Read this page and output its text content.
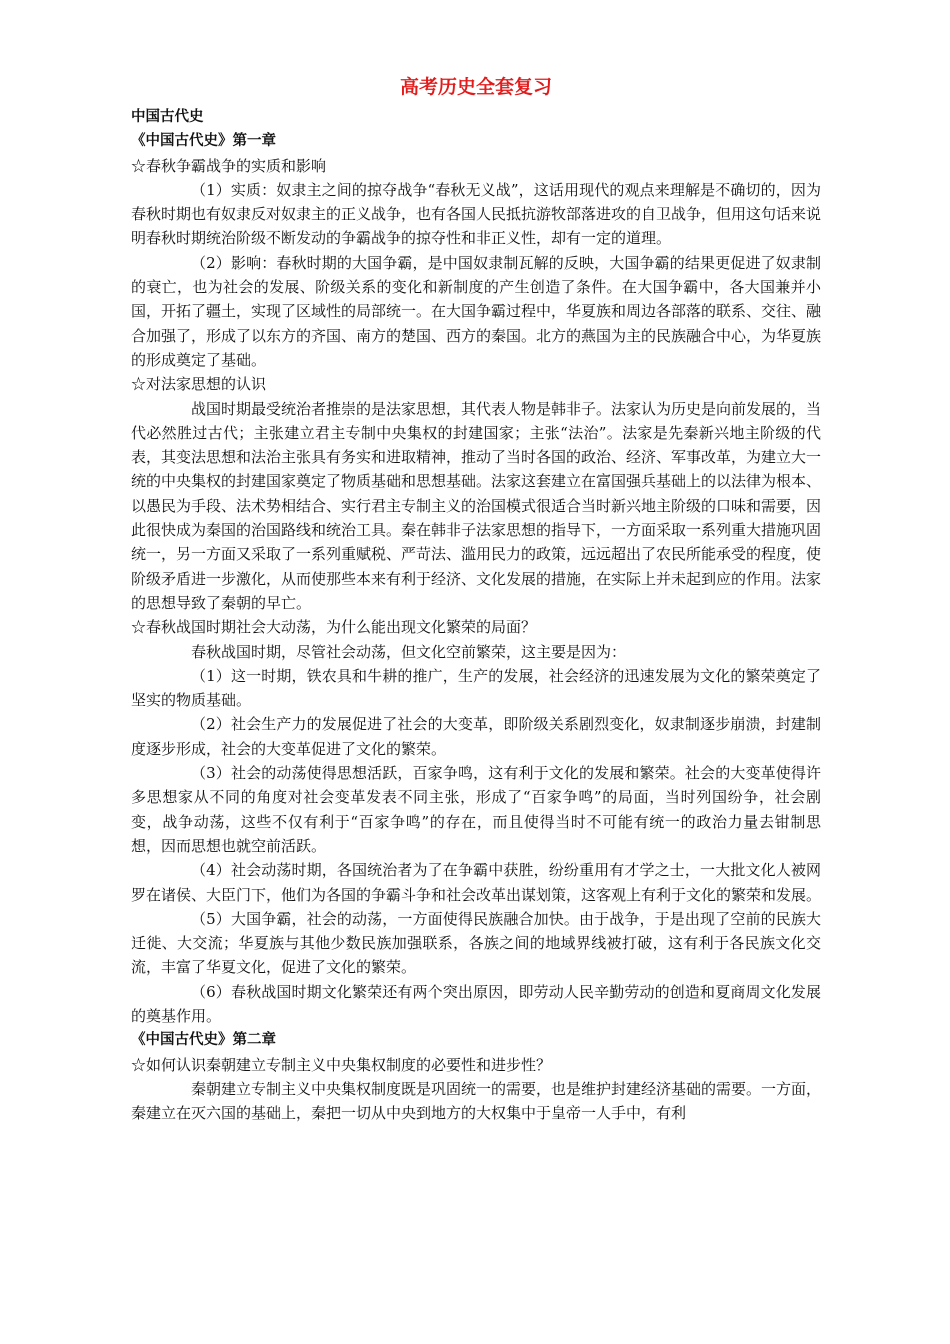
高考历史全套复习

中国古代史

《中国古代史》第一章

☆春秋争霸战争的实质和影响

（1）实质：奴隶主之间的掠夺战争“春秋无义战”，这话用现代的观点来理解是不确切的，因为春秋时期也有奴隶反对奴隶主的正义战争，也有各国人民抵抗游牧部落进攻的自卫战争，但用这句话来说明春秋时期统治阶级不断发动的争霸战争的掠夺性和非正义性，却有一定的道理。

（2）影响：春秋时期的大国争霸，是中国奴隶制瓦解的反映，大国争霸的结果更促进了奴隶制的衰亡，也为社会的发展、阶级关系的变化和新制度的产生创造了条件。在大国争霸中，各大国兼并小国，开拓了疆土，实现了区域性的局部统一。在大国争霸过程中，华夏族和周边各部落的联系、交往、融合加强了，形成了以东方的齐国、南方的楚国、西方的秦国。北方的燕国为主的民族融合中心，为华夏族的形成奠定了基础。

☆对法家思想的认识

战国时期最受统治者推崇的是法家思想，其代表人物是韩非子。法家认为历史是向前发展的，当代必然胜过古代；主张建立君主专制中央集权的封建国家；主张“法治”。法家是先秦新兴地主阶级的代表，其变法思想和法治主张具有务实和进取精神，推动了当时各国的政治、经济、军事改革，为建立大一统的中央集权的封建国家奠定了物质基础和思想基础。法家这套建立在富国强兵基础上的以法律为根本、以愚民为手段、法术势相结合、实行君主专制主义的治国模式很适合当时新兴地主阶级的口味和需要，因此很快成为秦国的治国路线和统治工具。秦在韩非子法家思想的指导下，一方面采取一系列重大措施巩固统一，另一方面又采取了一系列重赋税、严苛法、滥用民力的政策，远远超出了农民所能承受的程度，使阶级矛盾进一步激化，从而使那些本来有利于经济、文化发展的措施，在实际上并未起到应的作用。法家的思想导致了秦朝的早亡。

☆春秋战国时期社会大动荡，为什么能出现文化繁荣的局面？

春秋战国时期，尽管社会动荡，但文化空前繁荣，这主要是因为：

（1）这一时期，铁农具和牛耕的推广，生产的发展，社会经济的迅速发展为文化的繁荣奠定了坚实的物质基础。

（2）社会生产力的发展促进了社会的大变革，即阶级关系剧烈变化，奴隶制逐步崩溃，封建制度逐步形成，社会的大变革促进了文化的繁荣。

（3）社会的动荡使得思想活跃，百家争鸣，这有利于文化的发展和繁荣。社会的大变革使得许多思想家从不同的角度对社会变革发表不同主张，形成了“百家争鸣”的局面，当时列国纷争，社会剧变，战争动荡，这些不仅有利于“百家争鸣”的存在，而且使得当时不可能有统一的政治力量去钳制思想，因而思想也就空前活跃。

（4）社会动荡时期，各国统治者为了在争霸中获胜，纷纷重用有才学之士，一大批文化人被网罗在诸侯、大臣门下，他们为各国的争霸斗争和社会改革出谋划策，这客观上有利于文化的繁荣和发展。

（5）大国争霸，社会的动荡，一方面使得民族融合加快。由于战争，于是出现了空前的民族大迁徙、大交流；华夏族与其他少数民族加强联系，各族之间的地域界线被打破，这有利于各民族文化交流，丰富了华夏文化，促进了文化的繁荣。

（6）春秋战国时期文化繁荣还有两个突出原因，即劳动人民辛勤劳动的创造和夏商周文化发展的奠基作用。

《中国古代史》第二章

☆如何认识秦朝建立专制主义中央集权制度的必要性和进步性？

秦朝建立专制主义中央集权制度既是巩固统一的需要，也是维护封建经济基础的需要。一方面，秦建立在灭六国的基础上，秦把一切从中央到地方的大权集中于皇帝一人手中，有利
